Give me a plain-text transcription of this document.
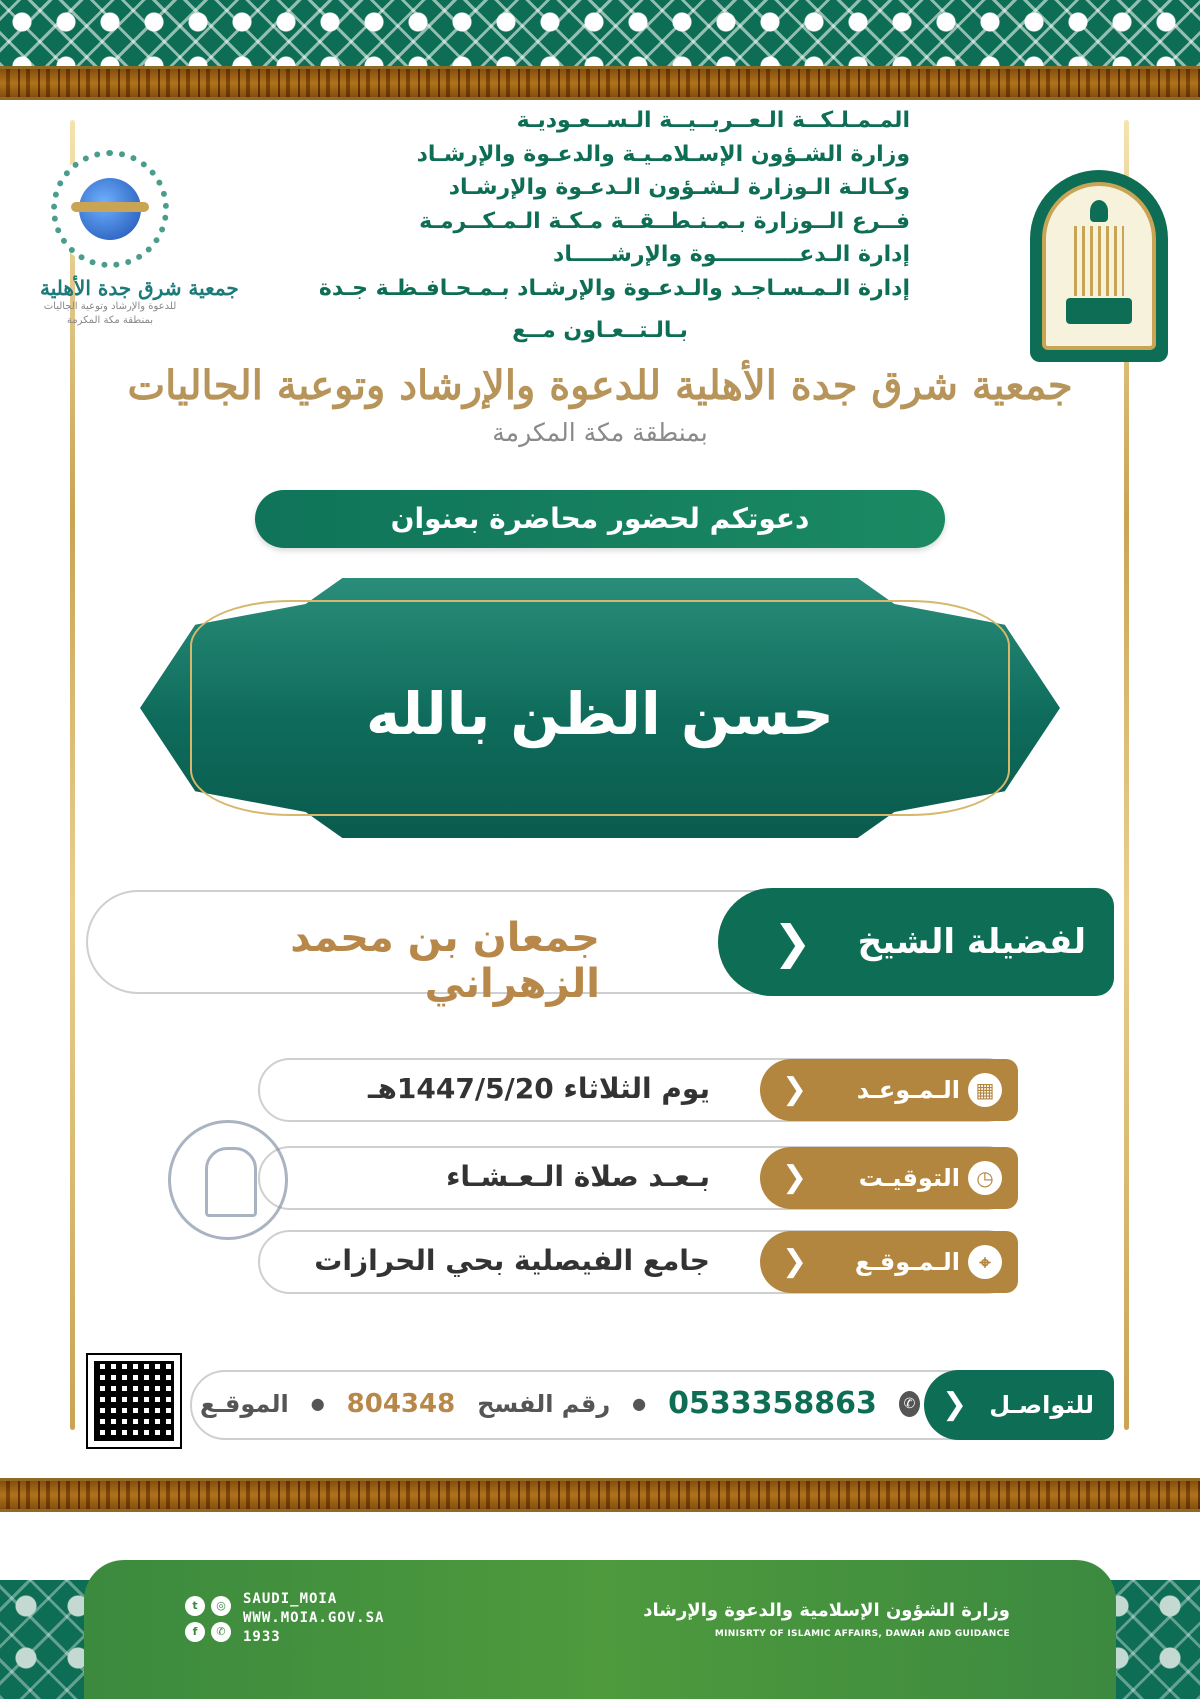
جمعية شرق جدة الأهلية
للدعوة والإرشاد وتوعية الجاليات
بمنطقة مكة المكرمة
المـمـلـكــة الـعــربــيــة الـســعـوديـة
وزارة الشـؤون الإسـلامـيـة والدعـوة والإرشـاد
وكـالـة الـوزارة لـشـؤون الـدعـوة والإرشـاد
فــرع الــوزارة بـمـنـطــقــة مـكـة الـمـكــرمـة
إدارة الـدعـــــــــــوة والإرشـــــاد
إدارة الـمـسـاجـد والـدعـوة والإرشـاد بـمـحـافـظـة جـدة
بـالـتــعـاون مــع
جمعية شرق جدة الأهلية للدعوة والإرشاد وتوعية الجاليات
بمنطقة مكة المكرمة
دعوتكم لحضور محاضرة بعنوان
حسن الظن بالله
لفضيلة الشيخ
❮
جمعان بن محمد الزهراني
▦
الـمـوعـد
❮
يوم الثلاثاء 1447/5/20هـ
◷
التوقيـت
❮
بـعـد صلاة الـعـشـاء
⌖
الـمـوقـع
❮
جامع الفيصلية بحي الحرازات
للتواصـل
❮
✆
0533358863
●
رقم الفسح
804348
●
الموقـع
وزارة الشؤون الإسلامية والدعوة والإرشاد
MINISRTY OF ISLAMIC AFFAIRS, DAWAH AND GUIDANCE
t	◎
f	✆
SAUDI_MOIA
WWW.MOIA.GOV.SA
1933
